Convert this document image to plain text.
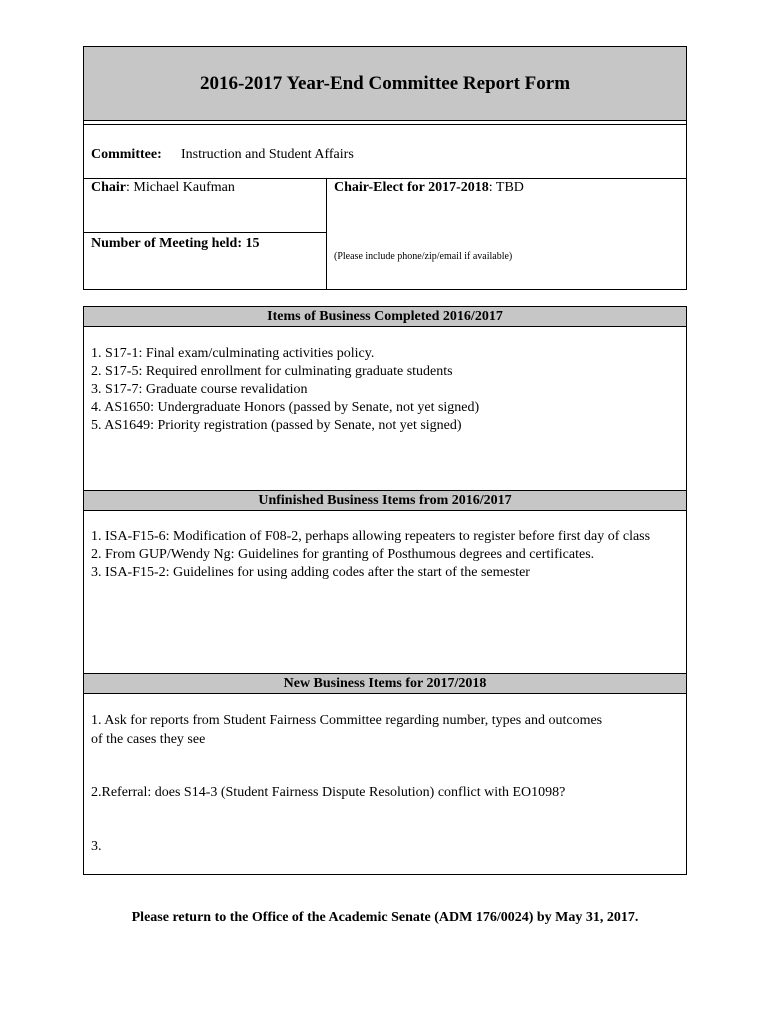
2016-2017 Year-End Committee Report Form
Committee: Instruction and Student Affairs
Chair: Michael Kaufman	Chair-Elect for 2017-2018: TBD
Number of Meeting held: 15
(Please include phone/zip/email if available)
Items of Business Completed 2016/2017
1. S17-1: Final exam/culminating activities policy.
2. S17-5: Required enrollment for culminating graduate students
3. S17-7: Graduate course revalidation
4. AS1650: Undergraduate Honors (passed by Senate, not yet signed)
5. AS1649: Priority registration (passed by Senate, not yet signed)
Unfinished Business Items from 2016/2017
1. ISA-F15-6: Modification of F08-2, perhaps allowing repeaters to register before first day of class
2. From GUP/Wendy Ng: Guidelines for granting of Posthumous degrees and certificates.
3. ISA-F15-2: Guidelines for using adding codes after the start of the semester
New Business Items for 2017/2018
1. Ask for reports from Student Fairness Committee regarding number, types and outcomes
of the cases they see
2.Referral: does S14-3 (Student Fairness Dispute Resolution) conflict with EO1098?
3.
Please return to the Office of the Academic Senate (ADM 176/0024) by May 31, 2017.
